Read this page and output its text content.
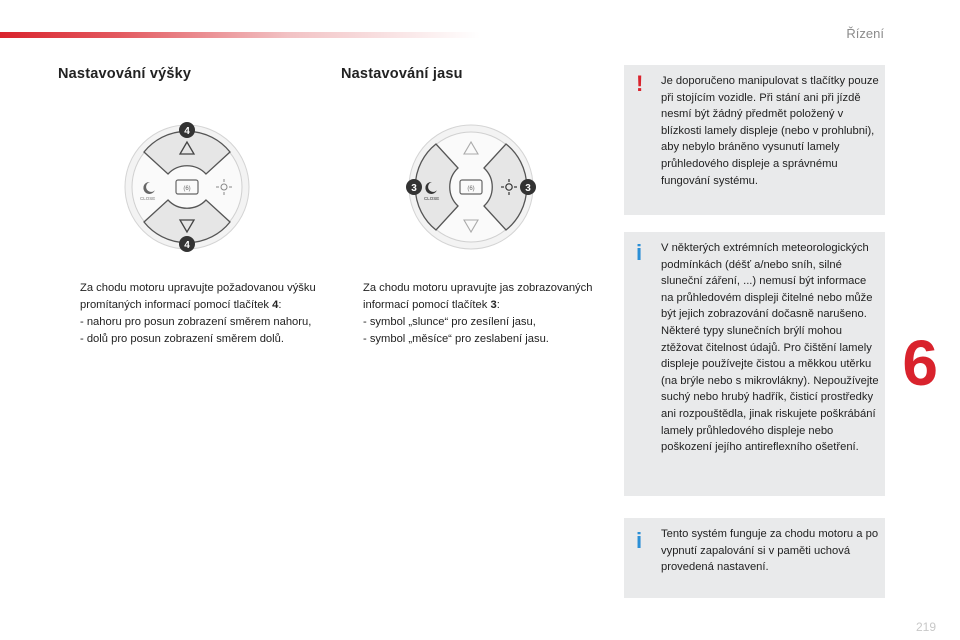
Řízení
Nastavování výšky
(6)
CLOSE
4
4
Za chodu motoru upravujte požadovanou výšku promítaných informací pomocí tlačítek 4:
- nahoru pro posun zobrazení směrem nahoru,
- dolů pro posun zobrazení směrem dolů.
Nastavování jasu
(6)
CLOSE
3	3
Za chodu motoru upravujte jas zobrazovaných informací pomocí tlačítek 3:
- symbol „slunce“ pro zesílení jasu,
- symbol „měsíce“ pro zeslabení jasu.
! Je doporučeno manipulovat s tlačítky pouze při stojícím vozidle. Při stání ani při jízdě nesmí být žádný předmět položený v blízkosti lamely displeje (nebo v prohlubni), aby nebylo bráněno vysunutí lamely průhledového displeje a správnému fungování systému.
i V některých extrémních meteorologických podmínkách (déšť a/nebo sníh, silné sluneční záření, ...) nemusí být informace na průhledovém displeji čitelné nebo může být jejich zobrazování dočasně narušeno. Některé typy slunečních brýlí mohou ztěžovat čitelnost údajů. Pro čištění lamely displeje používejte čistou a měkkou utěrku (na brýle nebo s mikrovlákny). Nepoužívejte suchý nebo hrubý hadřík, čisticí prostředky ani rozpouštědla, jinak riskujete poškrábání lamely průhledového displeje nebo poškození jejího antireflexního ošetření.
i Tento systém funguje za chodu motoru a po vypnutí zapalování si v paměti uchová provedená nastavení.
6
219
